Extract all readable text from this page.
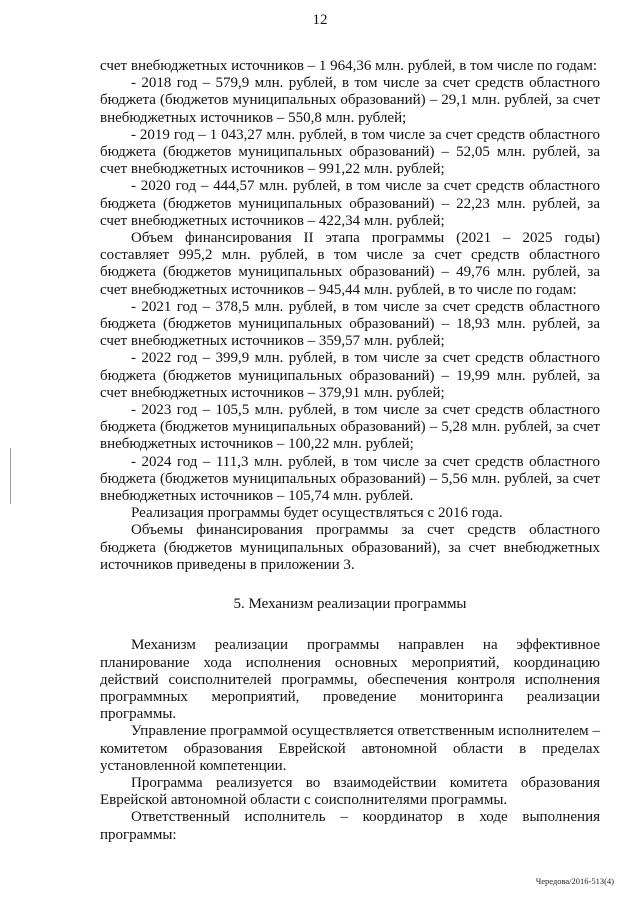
12

счет внебюджетных источников – 1 964,36 млн. рублей, в том числе по годам:

- 2018 год – 579,9 млн. рублей, в том числе за счет средств областного бюджета (бюджетов муниципальных образований) – 29,1 млн. рублей, за счет внебюджетных источников – 550,8 млн. рублей;

- 2019 год – 1 043,27 млн. рублей, в том числе за счет средств областного бюджета (бюджетов муниципальных образований) – 52,05 млн. рублей, за счет внебюджетных источников – 991,22 млн. рублей;

- 2020 год – 444,57 млн. рублей, в том числе за счет средств областного бюджета (бюджетов муниципальных образований) – 22,23 млн. рублей, за счет внебюджетных источников – 422,34 млн. рублей;

Объем финансирования II этапа программы (2021 – 2025 годы) составляет 995,2 млн. рублей, в том числе за счет средств областного бюджета (бюджетов муниципальных образований) – 49,76 млн. рублей, за счет внебюджетных источников – 945,44 млн. рублей, в то числе по годам:

- 2021 год – 378,5 млн. рублей, в том числе за счет средств областного бюджета (бюджетов муниципальных образований) – 18,93 млн. рублей, за счет внебюджетных источников – 359,57 млн. рублей;

- 2022 год – 399,9 млн. рублей, в том числе за счет средств областного бюджета (бюджетов муниципальных образований) – 19,99 млн. рублей, за счет внебюджетных источников – 379,91 млн. рублей;

- 2023 год – 105,5 млн. рублей, в том числе за счет средств областного бюджета (бюджетов муниципальных образований) – 5,28 млн. рублей, за счет внебюджетных источников – 100,22 млн. рублей;

- 2024 год – 111,3 млн. рублей, в том числе за счет средств областного бюджета (бюджетов муниципальных образований) – 5,56 млн. рублей, за счет внебюджетных источников – 105,74 млн. рублей.

Реализация программы будет осуществляться с 2016 года.

Объемы финансирования программы за счет средств областного бюджета (бюджетов муниципальных образований), за счет внебюджетных источников приведены в приложении 3.

5. Механизм реализации программы

Механизм реализации программы направлен на эффективное планирование хода исполнения основных мероприятий, координацию действий соисполнителей программы, обеспечения контроля исполнения программных мероприятий, проведение мониторинга реализации программы.

Управление программой осуществляется ответственным исполнителем – комитетом образования Еврейской автономной области в пределах установленной компетенции.

Программа реализуется во взаимодействии комитета образования Еврейской автономной области с соисполнителями программы.

Ответственный исполнитель – координатор в ходе выполнения программы:

Чередова/2016-513(4)
